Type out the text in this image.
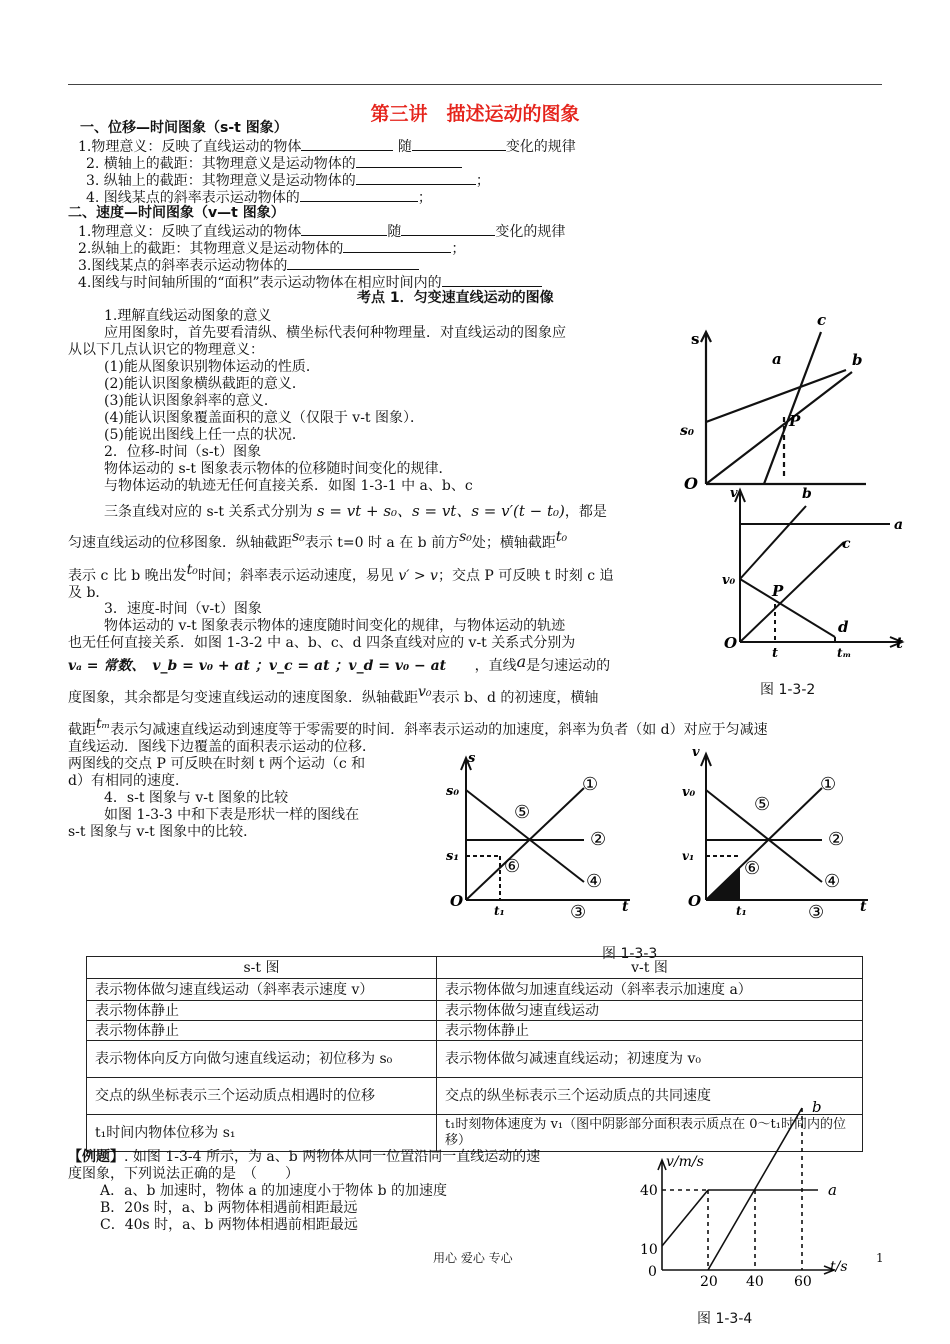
第三讲　描述运动的图象
一、位移—时间图象（s-t 图象）
1.物理意义：反映了直线运动的物体	随	变化的规律
2. 横轴上的截距：其物理意义是运动物体的
3. 纵轴上的截距：其物理意义是运动物体的	；
4. 图线某点的斜率表示运动物体的	；
二、速度—时间图象（v—t 图象）
1.物理意义：反映了直线运动的物体	随	变化的规律
2.纵轴上的截距：其物理意义是运动物体的	；
3.图线某点的斜率表示运动物体的
4.图线与时间轴所围的“面积”表示运动物体在相应时间内的
考点 1．匀变速直线运动的图像
1.理解直线运动图象的意义
应用图象时，首先要看清纵、横坐标代表何种物理量．对直线运动的图象应
从以下几点认识它的物理意义：
(1)能从图象识别物体运动的性质．
(2)能认识图象横纵截距的意义．
(3)能认识图象斜率的意义．
(4)能认识图象覆盖面积的意义（仅限于 v-t 图象）．
(5)能说出图线上任一点的状况．
2．位移-时间（s-t）图象
物体运动的 s-t 图象表示物体的位移随时间变化的规律．
与物体运动的轨迹无任何直接关系．如图 1-3-1 中 a、b、c
三条直线对应的 s-t 关系式分别为 s = vt + s₀、s = vt、s = v′(t − t₀)，都是
匀速直线运动的位移图象．纵轴截距s₀表示 t=0 时 a 在 b 前方s₀处；横轴截距t₀
表示 c 比 b 晚出发t₀时间；斜率表示运动速度，易见 v′ > v；交点 P 可反映 t 时刻 c 追
及 b．
3．速度-时间（v-t）图象
物体运动的 v-t 图象表示物体的速度随时间变化的规律，与物体运动的轨迹
也无任何直接关系．如图 1-3-2 中 a、b、c、d 四条直线对应的 v-t 关系式分别为
vₐ = 常数、　v_b = v₀ + at ；v_c = at ；v_d = v₀ − at ，直线a是匀速运动的
度图象，其余都是匀变速直线运动的速度图象．纵轴截距v₀表示 b、d 的初速度，横轴
截距tₘ表示匀减速直线运动到速度等于零需要的时间．斜率表示运动的加速度，斜率为负者（如 d）对应于匀减速
直线运动．图线下边覆盖的面积表示运动的位移．
两图线的交点 P 可反映在时刻 t 两个运动（c 和
d）有相同的速度．
4．s-t 图象与 v-t 图象的比较
如图 1-3-3 中和下表是形状一样的图线在
s-t 图象与 v-t 图象中的比较．
s
s₀
O
a	b
c
P
v
v₀
O	t
tₘ
t
a
b
c
d
P
图 1-3-2
s
s₀
s₁
O	t
t₁
①
②
③
④
⑤
⑥
v
v₀
v₁
O	t
t₁
①
②
③
④
⑤
⑥
图 1-3-3
s-t 图	v-t 图
表示物体做匀速直线运动（斜率表示速度 v）	表示物体做匀加速直线运动（斜率表示加速度 a）
表示物体静止	表示物体做匀速直线运动
表示物体静止	表示物体静止
表示物体向反方向做匀速直线运动；初位移为 s₀	表示物体做匀减速直线运动；初速度为 v₀
交点的纵坐标表示三个运动质点相遇时的位移	交点的纵坐标表示三个运动质点的共同速度
t₁时间内物体位移为 s₁	t₁时刻物体速度为 v₁（图中阴影部分面积表示质点在 0～t₁时间内的位移）
【例题】. 如图 1-3-4 所示，为 a、b 两物体从同一位置沿同一直线运动的速
度图象，下列说法正确的是　（　　）
A．a、b 加速时，物体 a 的加速度小于物体 b 的加速度
B．20s 时，a、b 两物体相遇前相距最远
C．40s 时，a、b 两物体相遇前相距最远
v/m/s
40
10
0
20 40 60
t/s
a
b
图 1-3-4
用心 爱心 专心	1
